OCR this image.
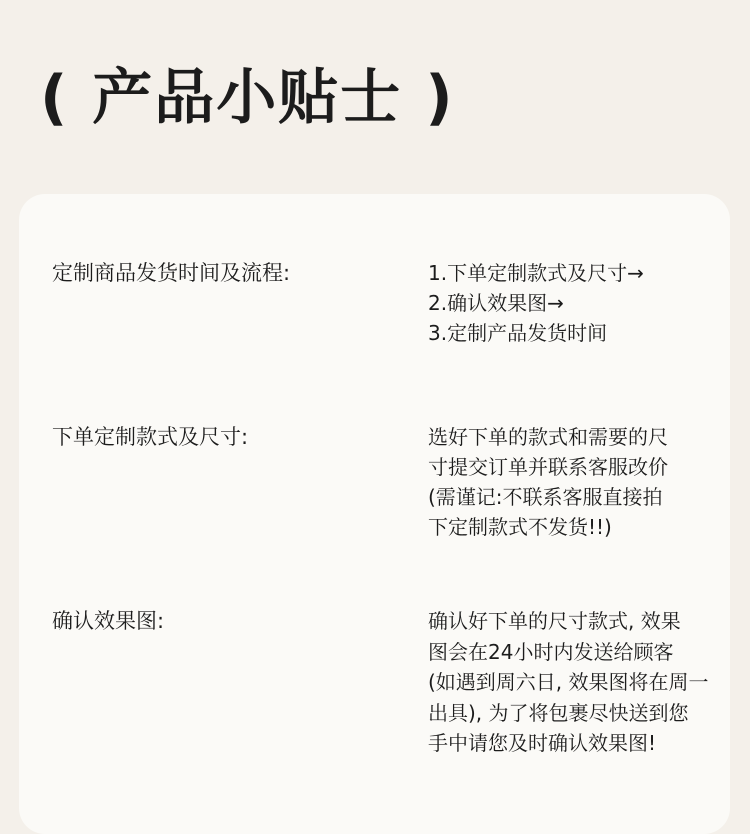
( 产品小贴士 )
定制商品发货时间及流程:	1.下单定制款式及尺寸→
2.确认效果图→
3.定制产品发货时间
下单定制款式及尺寸:	选好下单的款式和需要的尺
寸提交订单并联系客服改价
(需谨记:不联系客服直接拍
下定制款式不发货!!)
确认效果图:	确认好下单的尺寸款式, 效果
图会在24小时内发送给顾客
(如遇到周六日, 效果图将在周一
出具), 为了将包裹尽快送到您
手中请您及时确认效果图!
